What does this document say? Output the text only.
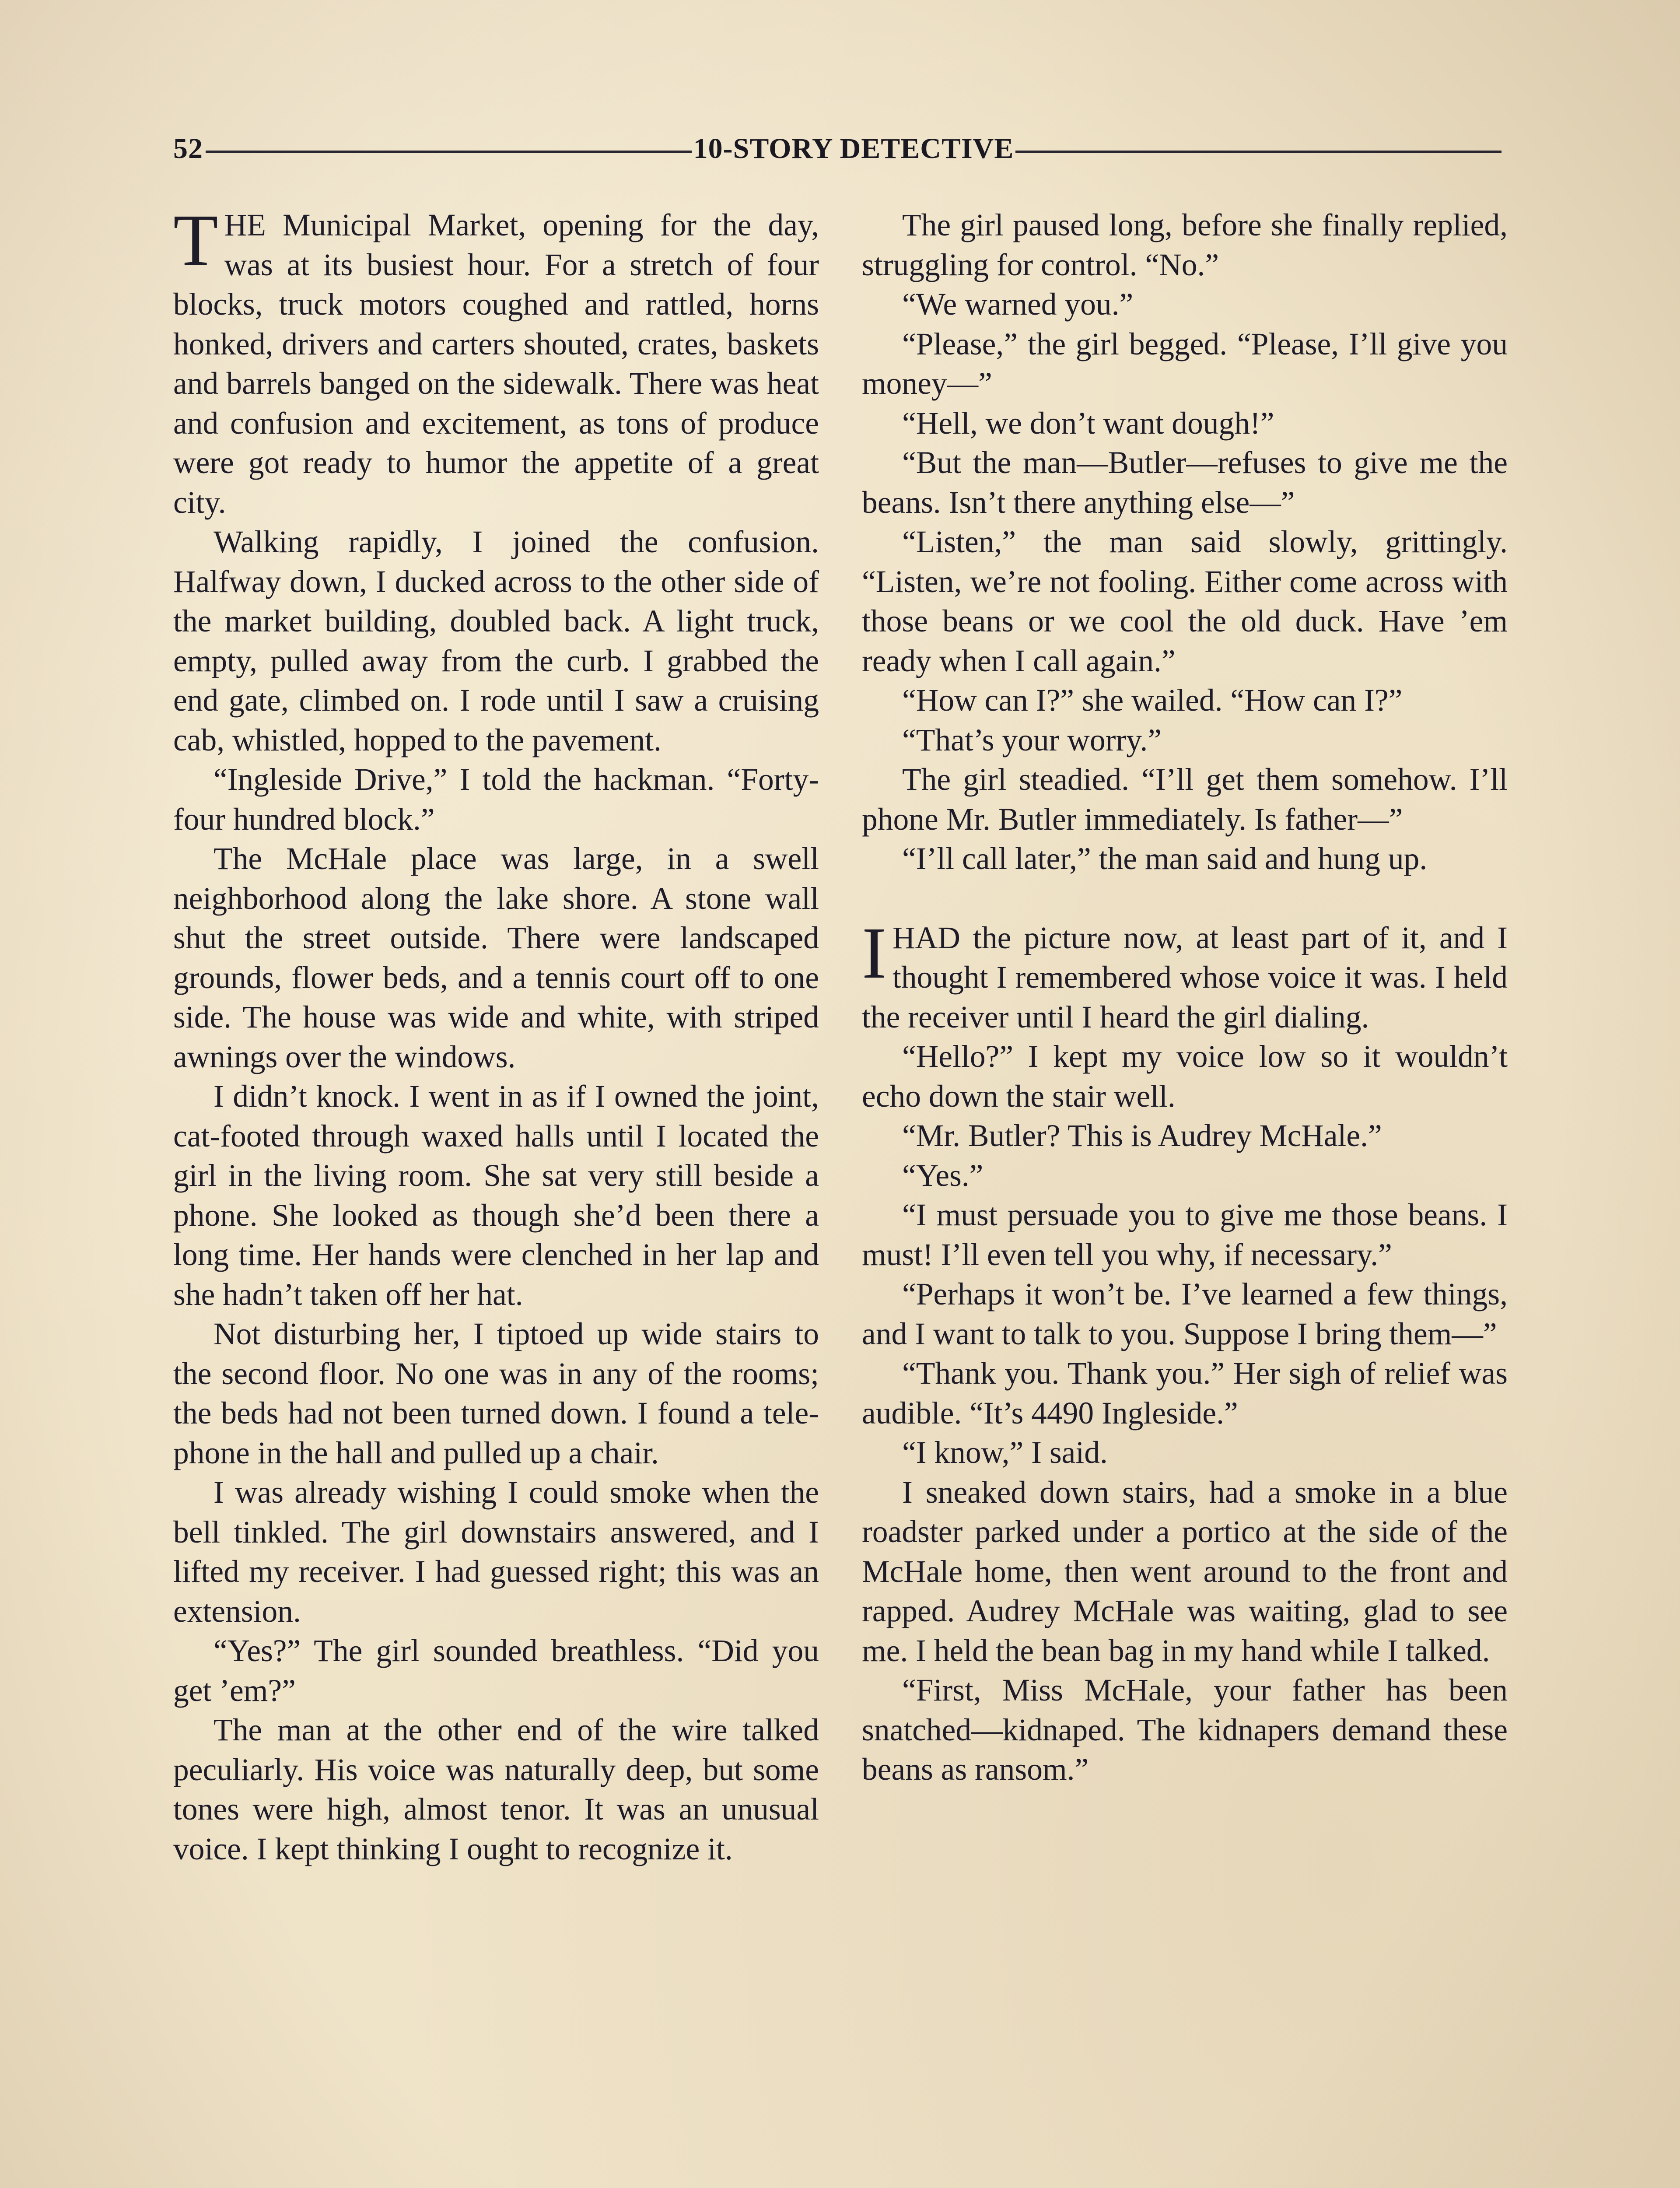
52	10-STORY DETECTIVE

THE Municipal Market, opening for the day, was at its busiest hour. For a stretch of four blocks, truck motors coughed and rattled, horns honked, drivers and carters shouted, crates, baskets and barrels banged on the sidewalk. There was heat and confusion and excitement, as tons of produce were got ready to humor the appetite of a great city.

Walking rapidly, I joined the confusion. Halfway down, I ducked across to the other side of the market building, doubled back. A light truck, empty, pulled away from the curb. I grabbed the end gate, climbed on. I rode until I saw a cruising cab, whistled, hopped to the pavement.

“Ingleside Drive,” I told the hackman. “Forty-four hundred block.”

The McHale place was large, in a swell neighborhood along the lake shore. A stone wall shut the street outside. There were landscaped grounds, flower beds, and a tennis court off to one side. The house was wide and white, with striped awnings over the windows.

I didn’t knock. I went in as if I owned the joint, cat-footed through waxed halls until I located the girl in the living room. She sat very still beside a phone. She looked as though she’d been there a long time. Her hands were clenched in her lap and she hadn’t taken off her hat.

Not disturbing her, I tiptoed up wide stairs to the second floor. No one was in any of the rooms; the beds had not been turned down. I found a telephone in the hall and pulled up a chair.

I was already wishing I could smoke when the bell tinkled. The girl downstairs answered, and I lifted my receiver. I had guessed right; this was an extension.

“Yes?” The girl sounded breathless. “Did you get ’em?”

The man at the other end of the wire talked peculiarly. His voice was naturally deep, but some tones were high, almost tenor. It was an unusual voice. I kept thinking I ought to recognize it.

The girl paused long, before she finally replied, struggling for control. “No.”

“We warned you.”

“Please,” the girl begged. “Please, I’ll give you money—”

“Hell, we don’t want dough!”

“But the man—Butler—refuses to give me the beans. Isn’t there anything else—”

“Listen,” the man said slowly, grittingly. “Listen, we’re not fooling. Either come across with those beans or we cool the old duck. Have ’em ready when I call again.”

“How can I?” she wailed. “How can I?”

“That’s your worry.”

The girl steadied. “I’ll get them somehow. I’ll phone Mr. Butler immediately. Is father—”

“I’ll call later,” the man said and hung up.

IHAD the picture now, at least part of it, and I thought I remembered whose voice it was. I held the receiver until I heard the girl dialing.

“Hello?” I kept my voice low so it wouldn’t echo down the stair well.

“Mr. Butler? This is Audrey McHale.”

“Yes.”

“I must persuade you to give me those beans. I must! I’ll even tell you why, if necessary.”

“Perhaps it won’t be. I’ve learned a few things, and I want to talk to you. Suppose I bring them—”

“Thank you. Thank you.” Her sigh of relief was audible. “It’s 4490 Ingleside.”

“I know,” I said.

I sneaked down stairs, had a smoke in a blue roadster parked under a portico at the side of the McHale home, then went around to the front and rapped. Audrey McHale was waiting, glad to see me. I held the bean bag in my hand while I talked.

“First, Miss McHale, your father has been snatched—kidnaped. The kidnapers demand these beans as ransom.”
